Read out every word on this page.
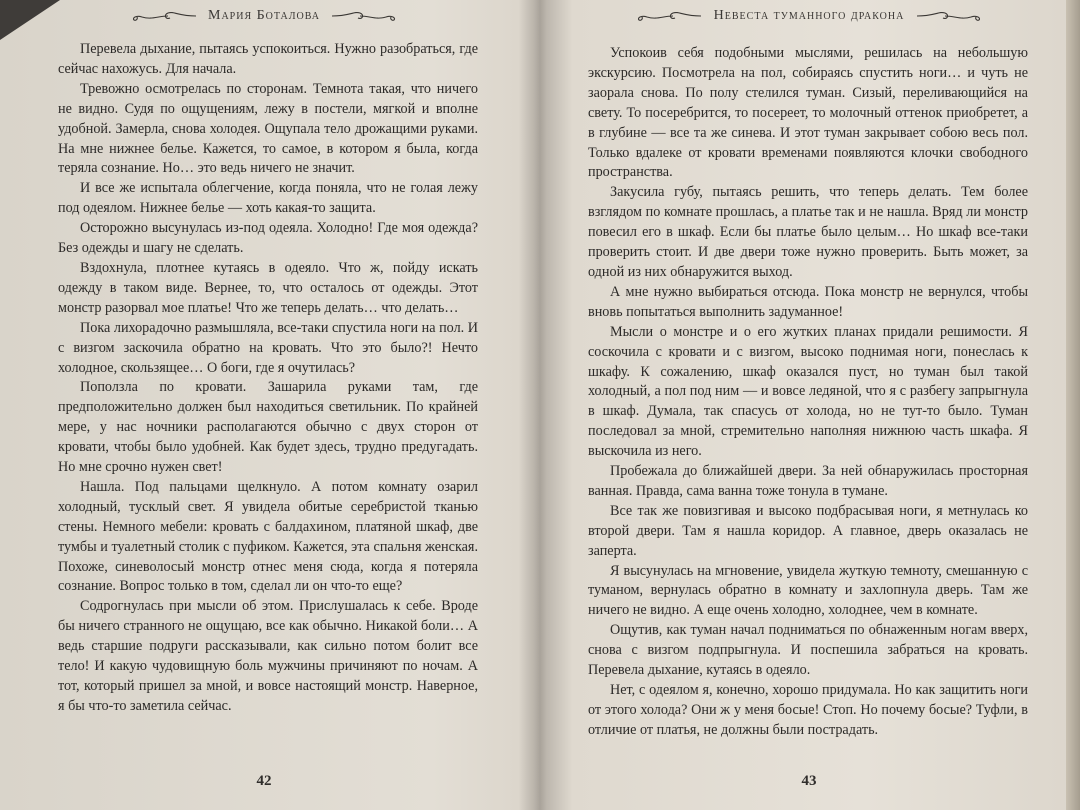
Мария Боталова

Перевела дыхание, пытаясь успокоиться. Нужно разобраться, где сейчас нахожусь. Для начала.

Тревожно осмотрелась по сторонам. Темнота такая, что ничего не видно. Судя по ощущениям, лежу в постели, мягкой и вполне удобной. Замерла, снова холодея. Ощупала тело дрожащими руками. На мне нижнее белье. Кажется, то самое, в котором я была, когда теряла сознание. Но… это ведь ничего не значит.

И все же испытала облегчение, когда поняла, что не голая лежу под одеялом. Нижнее белье — хоть какая-то защита.

Осторожно высунулась из-под одеяла. Холодно! Где моя одежда? Без одежды и шагу не сделать.

Вздохнула, плотнее кутаясь в одеяло. Что ж, пойду искать одежду в таком виде. Вернее, то, что осталось от одежды. Этот монстр разорвал мое платье! Что же теперь делать… что делать…

Пока лихорадочно размышляла, все-таки спустила ноги на пол. И с визгом заскочила обратно на кровать. Что это было?! Нечто холодное, скользящее… О боги, где я очутилась?

Поползла по кровати. Зашарила руками там, где предположительно должен был находиться светильник. По крайней мере, у нас ночники располагаются обычно с двух сторон от кровати, чтобы было удобней. Как будет здесь, трудно предугадать. Но мне срочно нужен свет!

Нашла. Под пальцами щелкнуло. А потом комнату озарил холодный, тусклый свет. Я увидела обитые серебристой тканью стены. Немного мебели: кровать с балдахином, платяной шкаф, две тумбы и туалетный столик с пуфиком. Кажется, эта спальня женская. Похоже, синеволосый монстр отнес меня сюда, когда я потеряла сознание. Вопрос только в том, сделал ли он что-то еще?

Содрогнулась при мысли об этом. Прислушалась к себе. Вроде бы ничего странного не ощущаю, все как обычно. Никакой боли… А ведь старшие подруги рассказывали, как сильно потом болит все тело! И какую чудовищную боль мужчины причиняют по ночам. А тот, который пришел за мной, и вовсе настоящий монстр. Наверное, я бы что-то заметила сейчас.

42
Невеста туманного дракона

Успокоив себя подобными мыслями, решилась на небольшую экскурсию. Посмотрела на пол, собираясь спустить ноги… и чуть не заорала снова. По полу стелился туман. Сизый, переливающийся на свету. То посеребрится, то посереет, то молочный оттенок приобретет, а в глубине — все та же синева. И этот туман закрывает собою весь пол. Только вдалеке от кровати временами появляются клочки свободного пространства.

Закусила губу, пытаясь решить, что теперь делать. Тем более взглядом по комнате прошлась, а платье так и не нашла. Вряд ли монстр повесил его в шкаф. Если бы платье было целым… Но шкаф все-таки проверить стоит. И две двери тоже нужно проверить. Быть может, за одной из них обнаружится выход.

А мне нужно выбираться отсюда. Пока монстр не вернулся, чтобы вновь попытаться выполнить задуманное!

Мысли о монстре и о его жутких планах придали решимости. Я соскочила с кровати и с визгом, высоко поднимая ноги, понеслась к шкафу. К сожалению, шкаф оказался пуст, но туман был такой холодный, а пол под ним — и вовсе ледяной, что я с разбегу запрыгнула в шкаф. Думала, так спасусь от холода, но не тут-то было. Туман последовал за мной, стремительно наполняя нижнюю часть шкафа. Я выскочила из него.

Пробежала до ближайшей двери. За ней обнаружилась просторная ванная. Правда, сама ванна тоже тонула в тумане.

Все так же повизгивая и высоко подбрасывая ноги, я метнулась ко второй двери. Там я нашла коридор. А главное, дверь оказалась не заперта.

Я высунулась на мгновение, увидела жуткую темноту, смешанную с туманом, вернулась обратно в комнату и захлопнула дверь. Там же ничего не видно. А еще очень холодно, холоднее, чем в комнате.

Ощутив, как туман начал подниматься по обнаженным ногам вверх, снова с визгом подпрыгнула. И поспешила забраться на кровать. Перевела дыхание, кутаясь в одеяло.

Нет, с одеялом я, конечно, хорошо придумала. Но как защитить ноги от этого холода? Они ж у меня босые! Стоп. Но почему босые? Туфли, в отличие от платья, не должны были пострадать.

43
